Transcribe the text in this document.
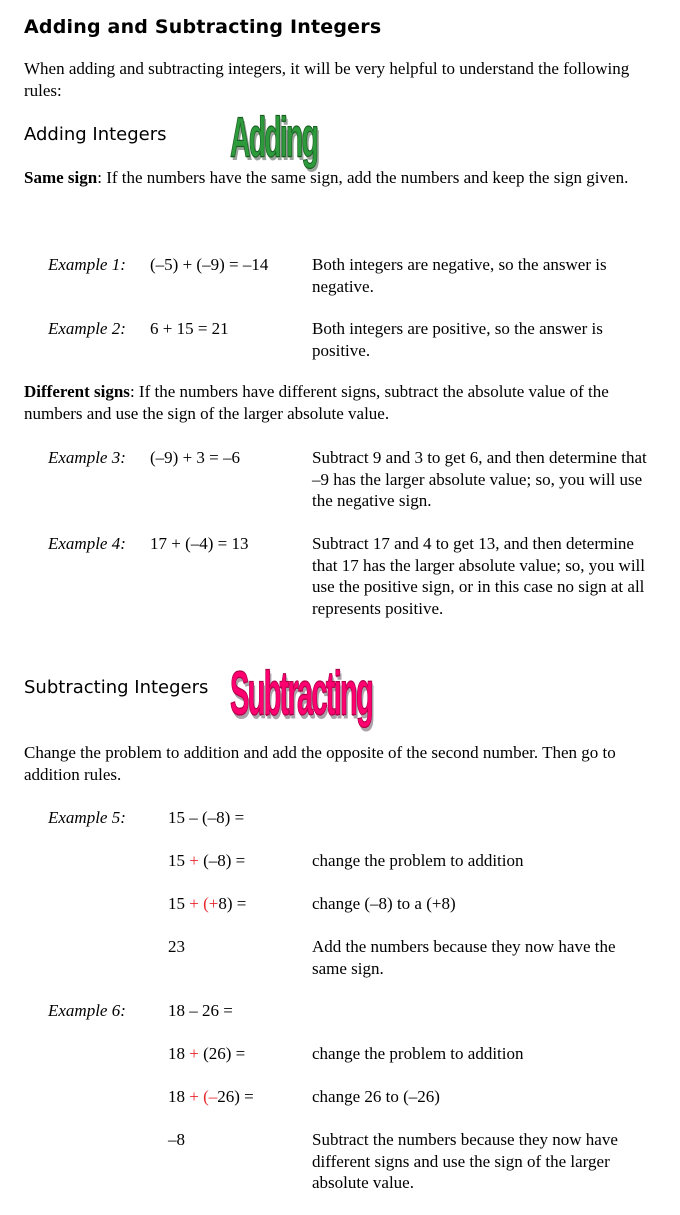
Adding and Subtracting Integers
When adding and subtracting integers, it will be very helpful to understand the following rules:
Adding Integers Adding
Same sign: If the numbers have the same sign, add the numbers and keep the sign given.
Example 1: (–5) + (–9) = –14	Both integers are negative, so the answer is negative.
Example 2: 6 + 15 = 21	Both integers are positive, so the answer is positive.
Different signs: If the numbers have different signs, subtract the absolute value of the numbers and use the sign of the larger absolute value.
Example 3: (–9) + 3 = –6	Subtract 9 and 3 to get 6, and then determine that –9 has the larger absolute value; so, you will use the negative sign.
Example 4: 17 + (–4) = 13	Subtract 17 and 4 to get 13, and then determine that 17 has the larger absolute value; so, you will use the positive sign, or in this case no sign at all represents positive.
Subtracting Integers Subtracting
Change the problem to addition and add the opposite of the second number. Then go to addition rules.
Example 5: 15 – (–8) =
15 + (–8) =	change the problem to addition
15 + (+8) =	change (–8) to a (+8)
23	Add the numbers because they now have the same sign.
Example 6: 18 – 26 =
18 + (26) =	change the problem to addition
18 + (–26) =	change 26 to (–26)
–8	Subtract the numbers because they now have different signs and use the sign of the larger absolute value.
